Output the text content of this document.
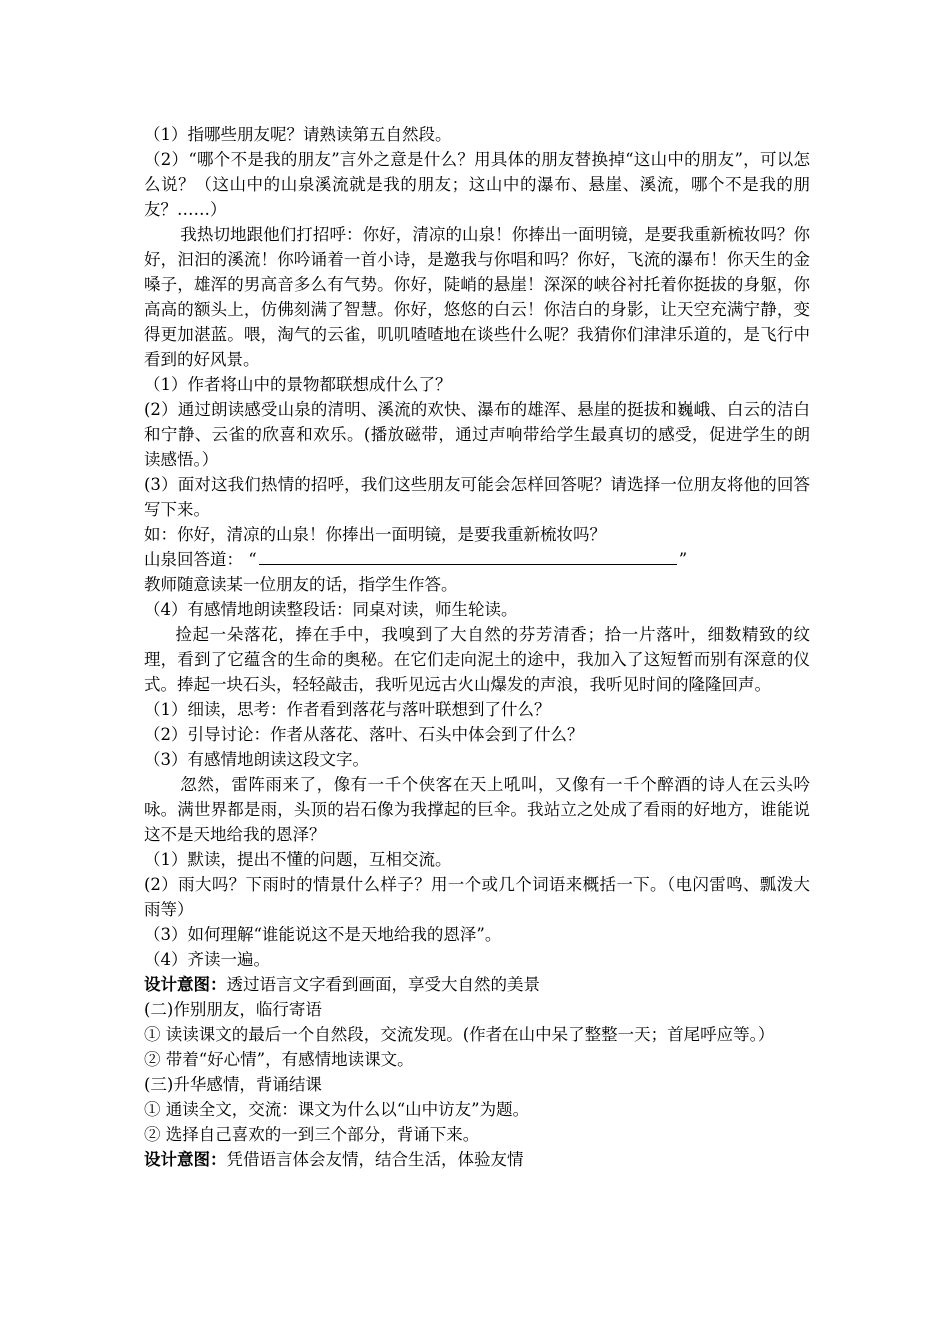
（1）指哪些朋友呢？请熟读第五自然段。
（2）“哪个不是我的朋友”言外之意是什么？用具体的朋友替换掉“这山中的朋友”，可以怎么说？（这山中的山泉溪流就是我的朋友；这山中的瀑布、悬崖、溪流，哪个不是我的朋友？……）
我热切地跟他们打招呼：你好，清凉的山泉！你捧出一面明镜，是要我重新梳妆吗？你好，汩汩的溪流！你吟诵着一首小诗，是邀我与你唱和吗？你好，飞流的瀑布！你天生的金嗓子，雄浑的男高音多么有气势。你好，陡峭的悬崖！深深的峡谷衬托着你挺拔的身躯，你高高的额头上，仿佛刻满了智慧。你好，悠悠的白云！你洁白的身影，让天空充满宁静，变得更加湛蓝。喂，淘气的云雀，叽叽喳喳地在谈些什么呢？我猜你们津津乐道的，是飞行中看到的好风景。
（1）作者将山中的景物都联想成什么了？
(2）通过朗读感受山泉的清明、溪流的欢快、瀑布的雄浑、悬崖的挺拔和巍峨、白云的洁白和宁静、云雀的欣喜和欢乐。(播放磁带，通过声响带给学生最真切的感受，促进学生的朗读感悟。）
(3）面对这我们热情的招呼，我们这些朋友可能会怎样回答呢？请选择一位朋友将他的回答写下来。
如：你好，清凉的山泉！你捧出一面明镜，是要我重新梳妆吗？
山泉回答道： “	”
教师随意读某一位朋友的话，指学生作答。
（4）有感情地朗读整段话：同桌对读，师生轮读。
捡起一朵落花，捧在手中，我嗅到了大自然的芬芳清香；拾一片落叶，细数精致的纹理，看到了它蕴含的生命的奥秘。在它们走向泥土的途中，我加入了这短暂而别有深意的仪式。捧起一块石头，轻轻敲击，我听见远古火山爆发的声浪，我听见时间的隆隆回声。
（1）细读，思考：作者看到落花与落叶联想到了什么？
（2）引导讨论：作者从落花、落叶、石头中体会到了什么？
（3）有感情地朗读这段文字。
忽然，雷阵雨来了，像有一千个侠客在天上吼叫，又像有一千个醉酒的诗人在云头吟咏。满世界都是雨，头顶的岩石像为我撑起的巨伞。我站立之处成了看雨的好地方，谁能说这不是天地给我的恩泽？
（1）默读，提出不懂的问题，互相交流。
(2）雨大吗？下雨时的情景什么样子？用一个或几个词语来概括一下。（电闪雷鸣、瓢泼大雨等）
（3）如何理解“谁能说这不是天地给我的恩泽”。
（4）齐读一遍。
设计意图：透过语言文字看到画面，享受大自然的美景
(二)作别朋友，临行寄语
① 读读课文的最后一个自然段，交流发现。(作者在山中呆了整整一天；首尾呼应等。）
② 带着“好心情”，有感情地读课文。
(三)升华感情，背诵结课
① 通读全文，交流：课文为什么以“山中访友”为题。
② 选择自己喜欢的一到三个部分，背诵下来。
设计意图：凭借语言体会友情，结合生活，体验友情
